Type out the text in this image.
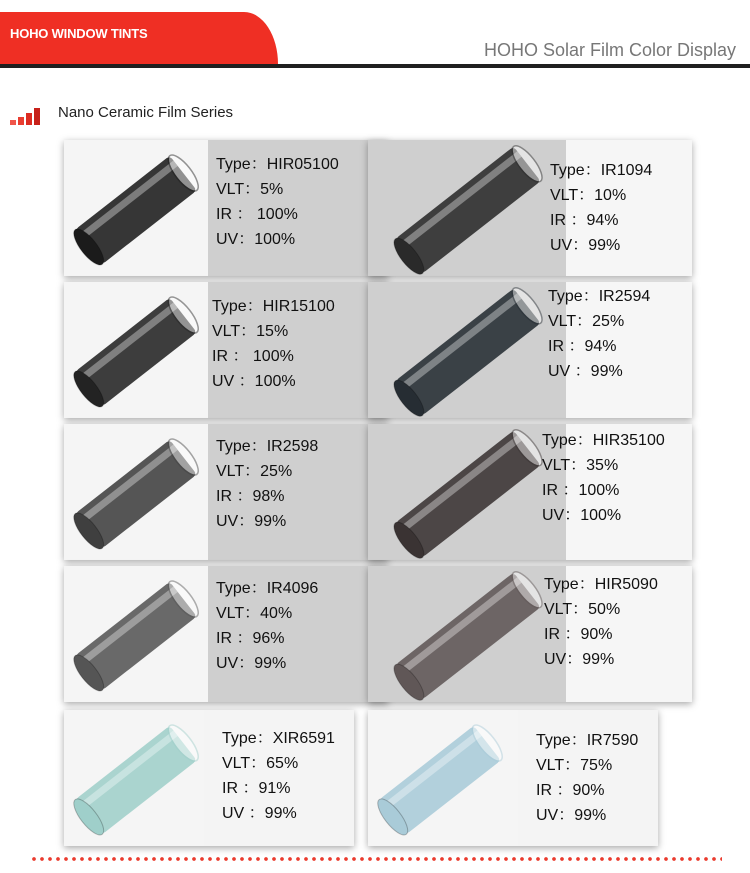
HOHO WINDOW TINTS
HOHO Solar Film Color Display
Nano Ceramic Film Series
Type：HIR05100
VLT：5%
IR ： 100%
UV：100%
Type：IR1094
VLT：10%
IR ：94%
UV：99%
Type：HIR15100
VLT：15%
IR ： 100%
UV ：100%
Type：IR2594
VLT：25%
IR ：94%
UV ：99%
Type：IR2598
VLT：25%
IR ：98%
UV：99%
Type：HIR35100
VLT：35%
IR ：100%
UV：100%
Type：IR4096
VLT：40%
IR ：96%
UV：99%
Type：HIR5090
VLT：50%
IR ：90%
UV：99%
Type：XIR6591
VLT：65%
IR ：91%
UV ：99%
Type：IR7590
VLT：75%
IR ：90%
UV：99%
